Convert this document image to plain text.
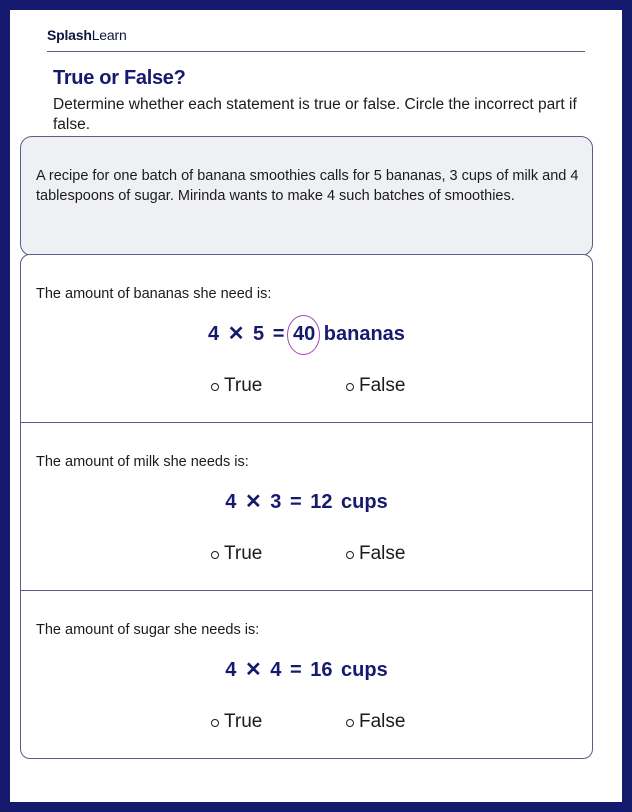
SplashLearn
True or False?

Determine whether each statement is true or false. Circle the incorrect part if false.

A recipe for one batch of banana smoothies calls for 5 bananas, 3 cups of milk and 4 tablespoons of sugar. Mirinda wants to make 4 such batches of smoothies.

The amount of bananas she need is:
4 ✕ 5 = 40 bananas
True	False
The amount of milk she needs is:
4 ✕ 3 = 12 cups
True	False
The amount of sugar she needs is:
4 ✕ 4 = 16 cups
True	False
